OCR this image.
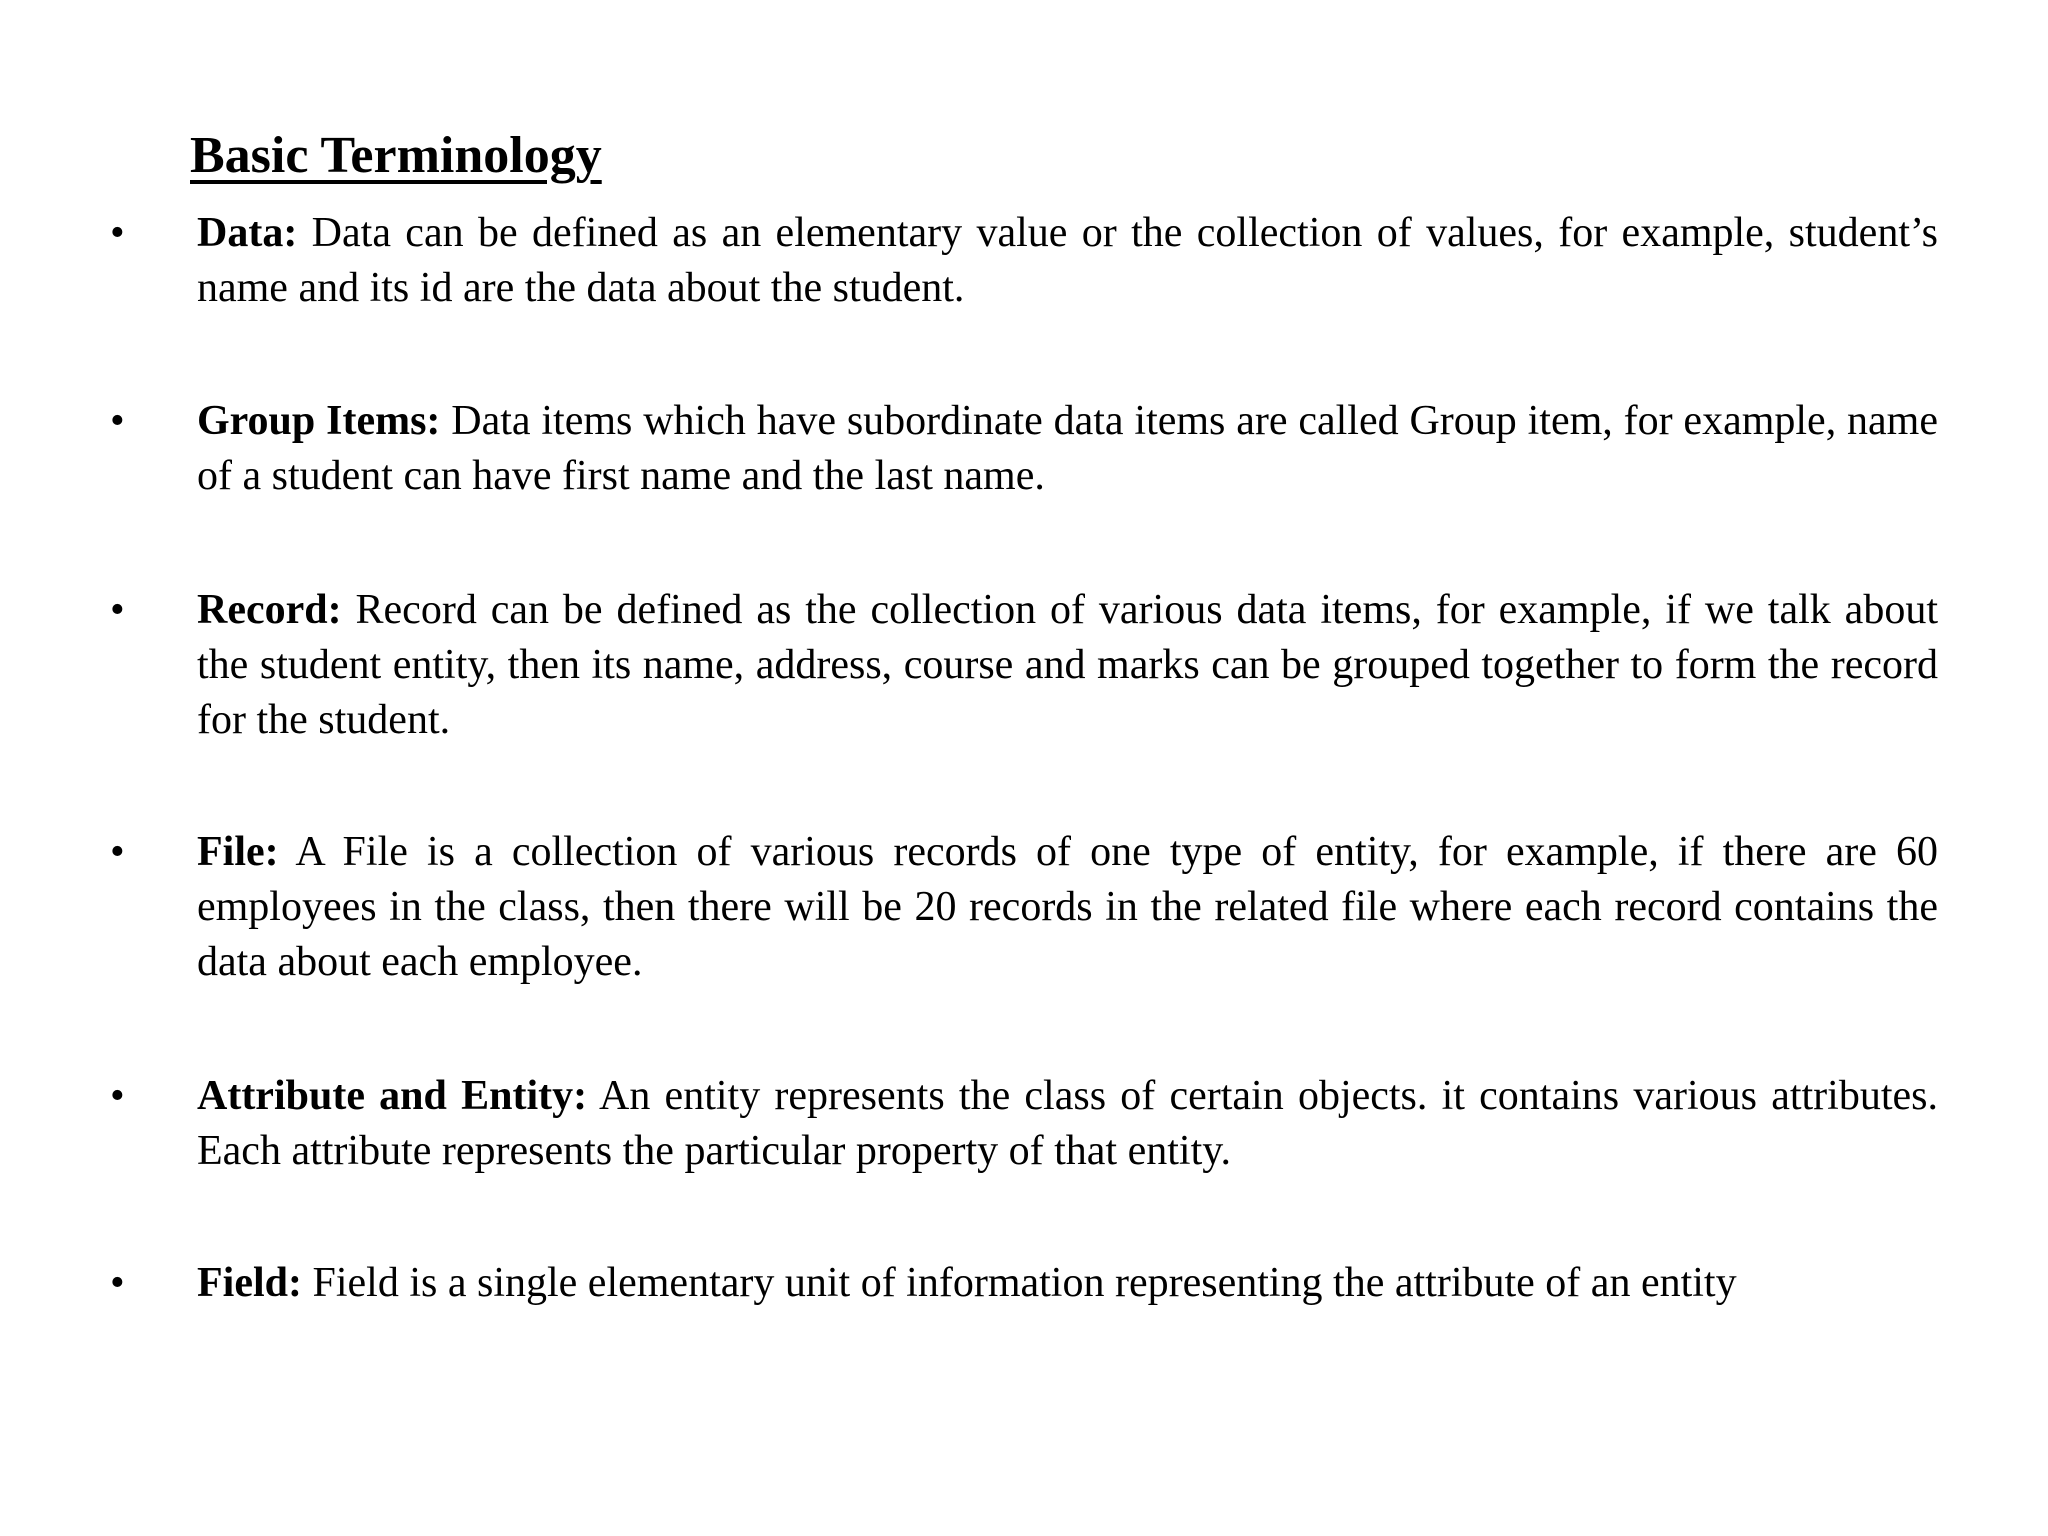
Basic Terminology
• Data: Data can be defined as an elementary value or the collection of values, for example, student’s name and its id are the data about the student.

• Group Items: Data items which have subordinate data items are called Group item, for example, name of a student can have first name and the last name.

• Record: Record can be defined as the collection of various data items, for example, if we talk about the student entity, then its name, address, course and marks can be grouped together to form the record for the student.

• File: A File is a collection of various records of one type of entity, for example, if there are 60 employees in the class, then there will be 20 records in the related file where each record contains the data about each employee.

• Attribute and Entity: An entity represents the class of certain objects. it contains various attributes. Each attribute represents the particular property of that entity.

• Field: Field is a single elementary unit of information representing the attribute of an entity
